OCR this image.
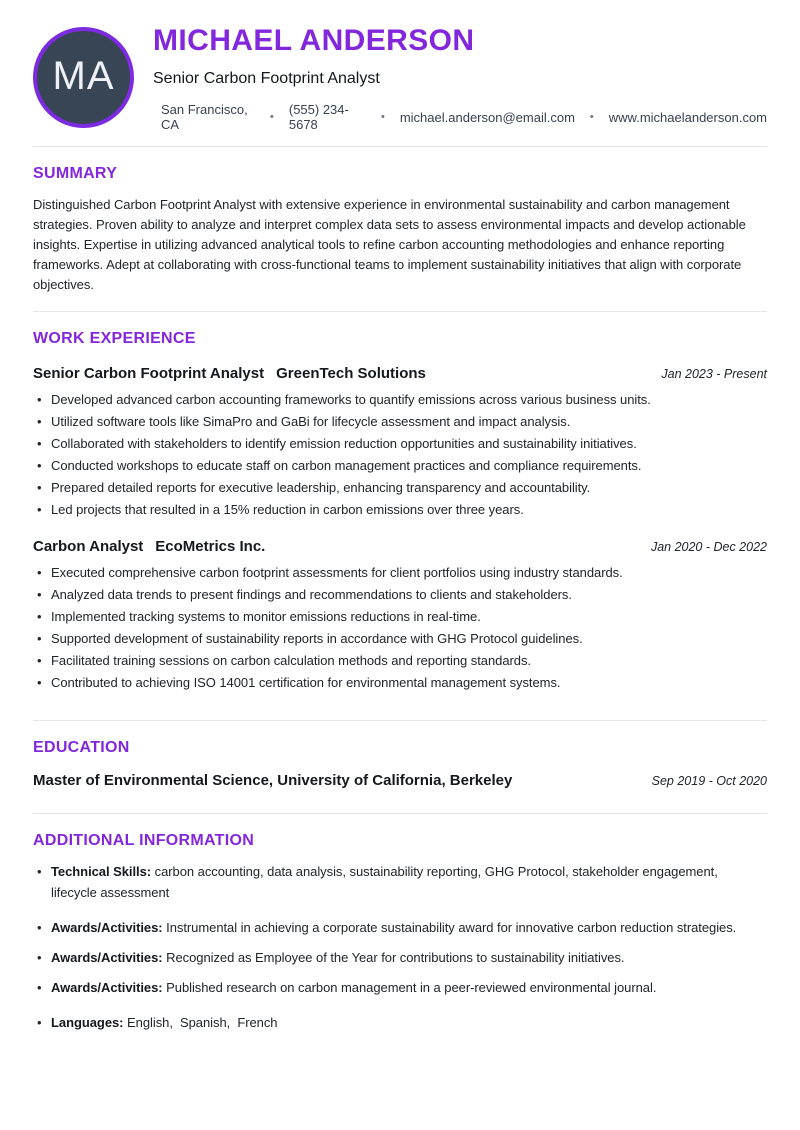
MA
MICHAEL ANDERSON
Senior Carbon Footprint Analyst
San Francisco, CA	• (555) 234-5678	• michael.anderson@email.com • www.michaelanderson.com
SUMMARY

Distinguished Carbon Footprint Analyst with extensive experience in environmental sustainability and carbon management strategies. Proven ability to analyze and interpret complex data sets to assess environmental impacts and develop actionable insights. Expertise in utilizing advanced analytical tools to refine carbon accounting methodologies and enhance reporting frameworks. Adept at collaborating with cross-functional teams to implement sustainability initiatives that align with corporate objectives.

WORK EXPERIENCE
Senior Carbon Footprint Analyst GreenTech Solutions	Jan 2023 - Present
• Developed advanced carbon accounting frameworks to quantify emissions across various business units.
• Utilized software tools like SimaPro and GaBi for lifecycle assessment and impact analysis.
• Collaborated with stakeholders to identify emission reduction opportunities and sustainability initiatives.
• Conducted workshops to educate staff on carbon management practices and compliance requirements.
• Prepared detailed reports for executive leadership, enhancing transparency and accountability.
• Led projects that resulted in a 15% reduction in carbon emissions over three years.
Carbon Analyst EcoMetrics Inc.	Jan 2020 - Dec 2022
• Executed comprehensive carbon footprint assessments for client portfolios using industry standards.
• Analyzed data trends to present findings and recommendations to clients and stakeholders.
• Implemented tracking systems to monitor emissions reductions in real-time.
• Supported development of sustainability reports in accordance with GHG Protocol guidelines.
• Facilitated training sessions on carbon calculation methods and reporting standards.
• Contributed to achieving ISO 14001 certification for environmental management systems.
EDUCATION
Master of Environmental Science, University of California, Berkeley	Sep 2019 - Oct 2020
ADDITIONAL INFORMATION
• Technical Skills: carbon accounting, data analysis, sustainability reporting, GHG Protocol, stakeholder engagement, lifecycle assessment
• Awards/Activities: Instrumental in achieving a corporate sustainability award for innovative carbon reduction strategies.
• Awards/Activities: Recognized as Employee of the Year for contributions to sustainability initiatives.
• Awards/Activities: Published research on carbon management in a peer-reviewed environmental journal.
• Languages: English,  Spanish,  French
